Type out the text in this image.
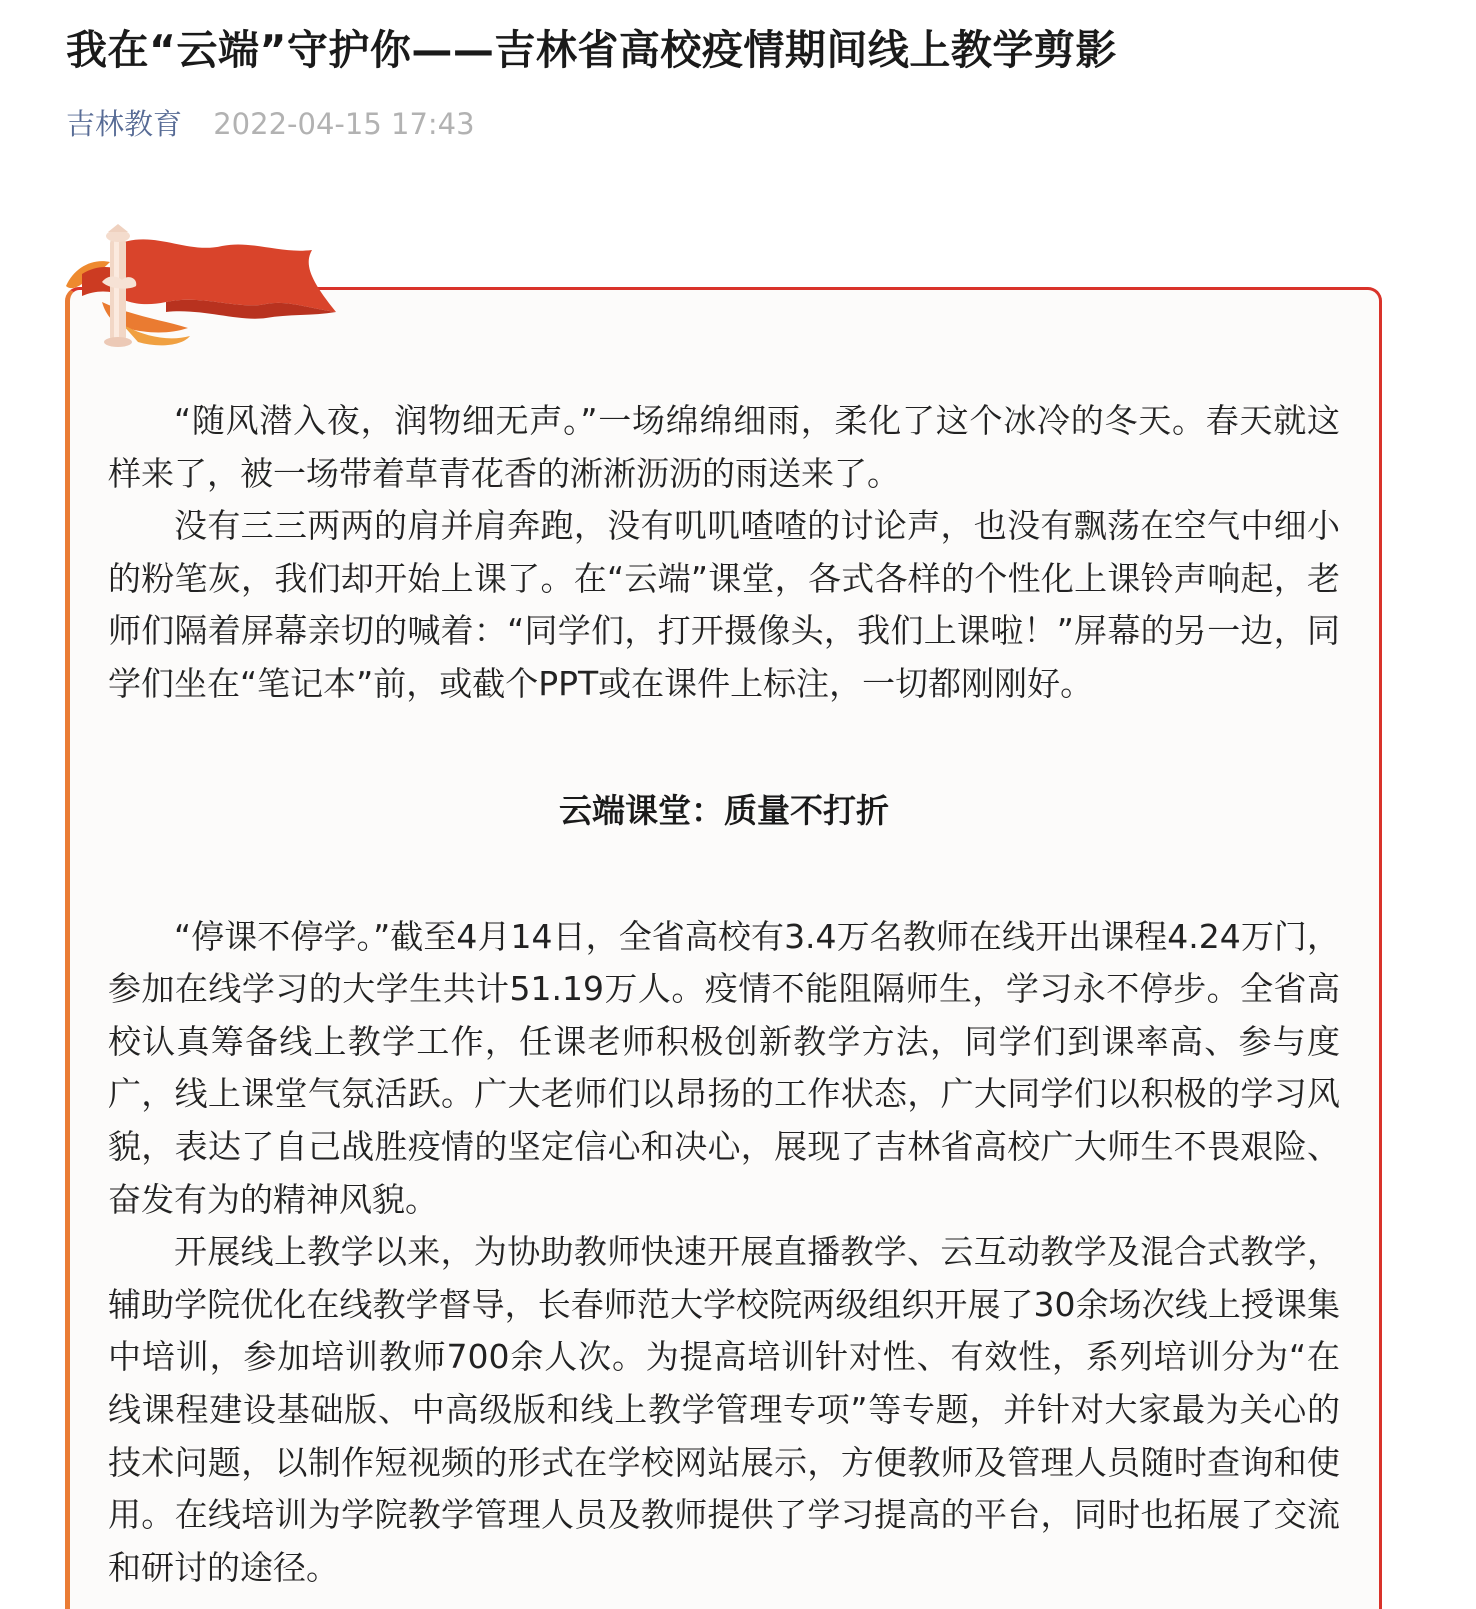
我在“云端”守护你——吉林省高校疫情期间线上教学剪影
吉林教育 2022-04-15 17:43

“随风潜入夜，润物细无声。”一场绵绵细雨，柔化了这个冰冷的冬天。春天就这样来了，被一场带着草青花香的淅淅沥沥的雨送来了。

没有三三两两的肩并肩奔跑，没有叽叽喳喳的讨论声，也没有飘荡在空气中细小的粉笔灰，我们却开始上课了。在“云端”课堂，各式各样的个性化上课铃声响起，老师们隔着屏幕亲切的喊着：“同学们，打开摄像头，我们上课啦！”屏幕的另一边，同学们坐在“笔记本”前，或截个PPT或在课件上标注，一切都刚刚好。

云端课堂：质量不打折

“停课不停学。”截至4月14日，全省高校有3.4万名教师在线开出课程4.24万门，参加在线学习的大学生共计51.19万人。疫情不能阻隔师生，学习永不停步。全省高校认真筹备线上教学工作，任课老师积极创新教学方法，同学们到课率高、参与度广，线上课堂气氛活跃。广大老师们以昂扬的工作状态，广大同学们以积极的学习风貌，表达了自己战胜疫情的坚定信心和决心，展现了吉林省高校广大师生不畏艰险、奋发有为的精神风貌。

开展线上教学以来，为协助教师快速开展直播教学、云互动教学及混合式教学，辅助学院优化在线教学督导，长春师范大学校院两级组织开展了30余场次线上授课集中培训，参加培训教师700余人次。为提高培训针对性、有效性，系列培训分为“在线课程建设基础版、中高级版和线上教学管理专项”等专题，并针对大家最为关心的技术问题，以制作短视频的形式在学校网站展示，方便教师及管理人员随时查询和使用。在线培训为学院教学管理人员及教师提供了学习提高的平台，同时也拓展了交流和研讨的途径。
